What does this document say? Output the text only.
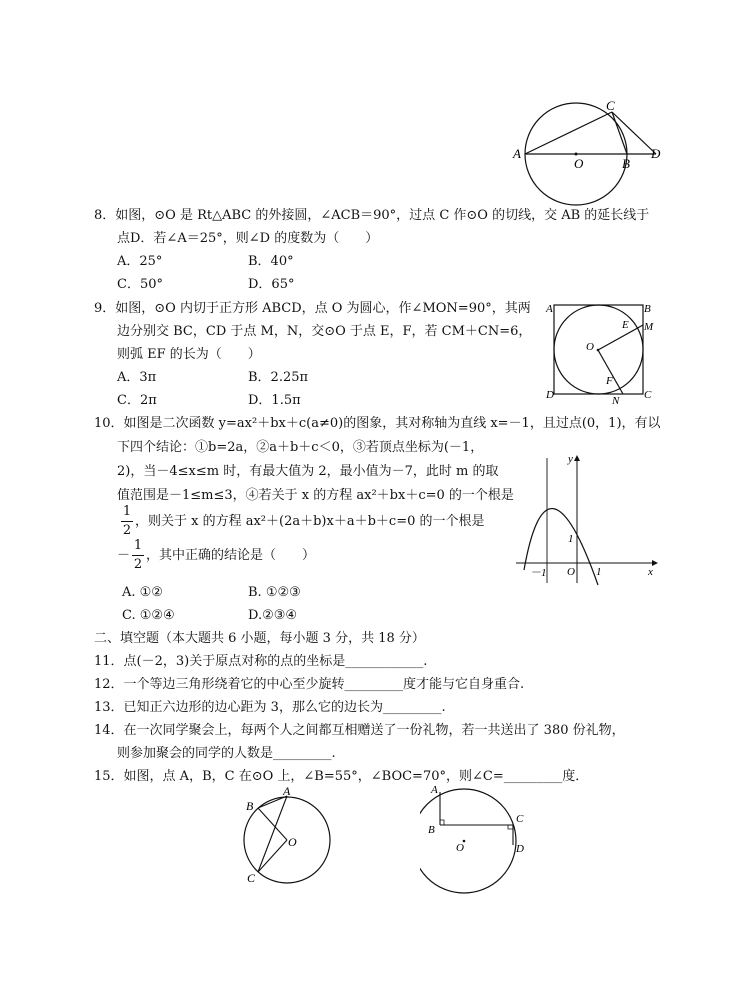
A
O	B
C
D
8．如图，⊙O 是 Rt△ABC 的外接圆，∠ACB＝90°，过点 C 作⊙O 的切线，交 AB 的延长线于
点D．若∠A＝25°，则∠D 的度数为（　　）
A．25°	B．40°
C．50°	D．65°
A	B
E M
O
F
D	N C
9．如图，⊙O 内切于正方形 ABCD，点 O 为圆心，作∠MON=90°，其两
边分别交 BC，CD 于点 M，N，交⊙O 于点 E，F，若 CM＋CN=6，
则弧 EF 的长为（　　）
A．3π	B．2.25π
C．2π	D．1.5π
10．如图是二次函数 y=ax²＋bx＋c(a≠0)的图象，其对称轴为直线 x=－1，且过点(0，1)，有以
下四个结论：①b=2a，②a＋b＋c＜0，③若顶点坐标为(－1，
2)，当－4≤x≤m 时，有最大值为 2，最小值为－7，此时 m 的取
值范围是－1≤m≤3，④若关于 x 的方程 ax²＋bx＋c=0 的一个根是
1
2
，则关于 x 的方程 ax²＋(2a＋b)x＋a＋b＋c=0 的一个根是
－
1
2
，其中正确的结论是（　　）
A. ①②	B. ①②③
C. ①②④	D.②③④
y
x
O
－1
1
1
二、填空题（本大题共 6 小题，每小题 3 分，共 18 分）
11．点(－2，3)关于原点对称的点的坐标是____________.
12．一个等边三角形绕着它的中心至少旋转_________度才能与它自身重合.
13．已知正六边形的边心距为 3，那么它的边长为_________.
14．在一次同学聚会上，每两个人之间都互相赠送了一份礼物，若一共送出了 380 份礼物，
则参加聚会的同学的人数是_________.
15．如图，点 A，B，C 在⊙O 上，∠B=55°，∠BOC=70°，则∠C=_________度．
A
B
O
C
A
B
C
O	D
